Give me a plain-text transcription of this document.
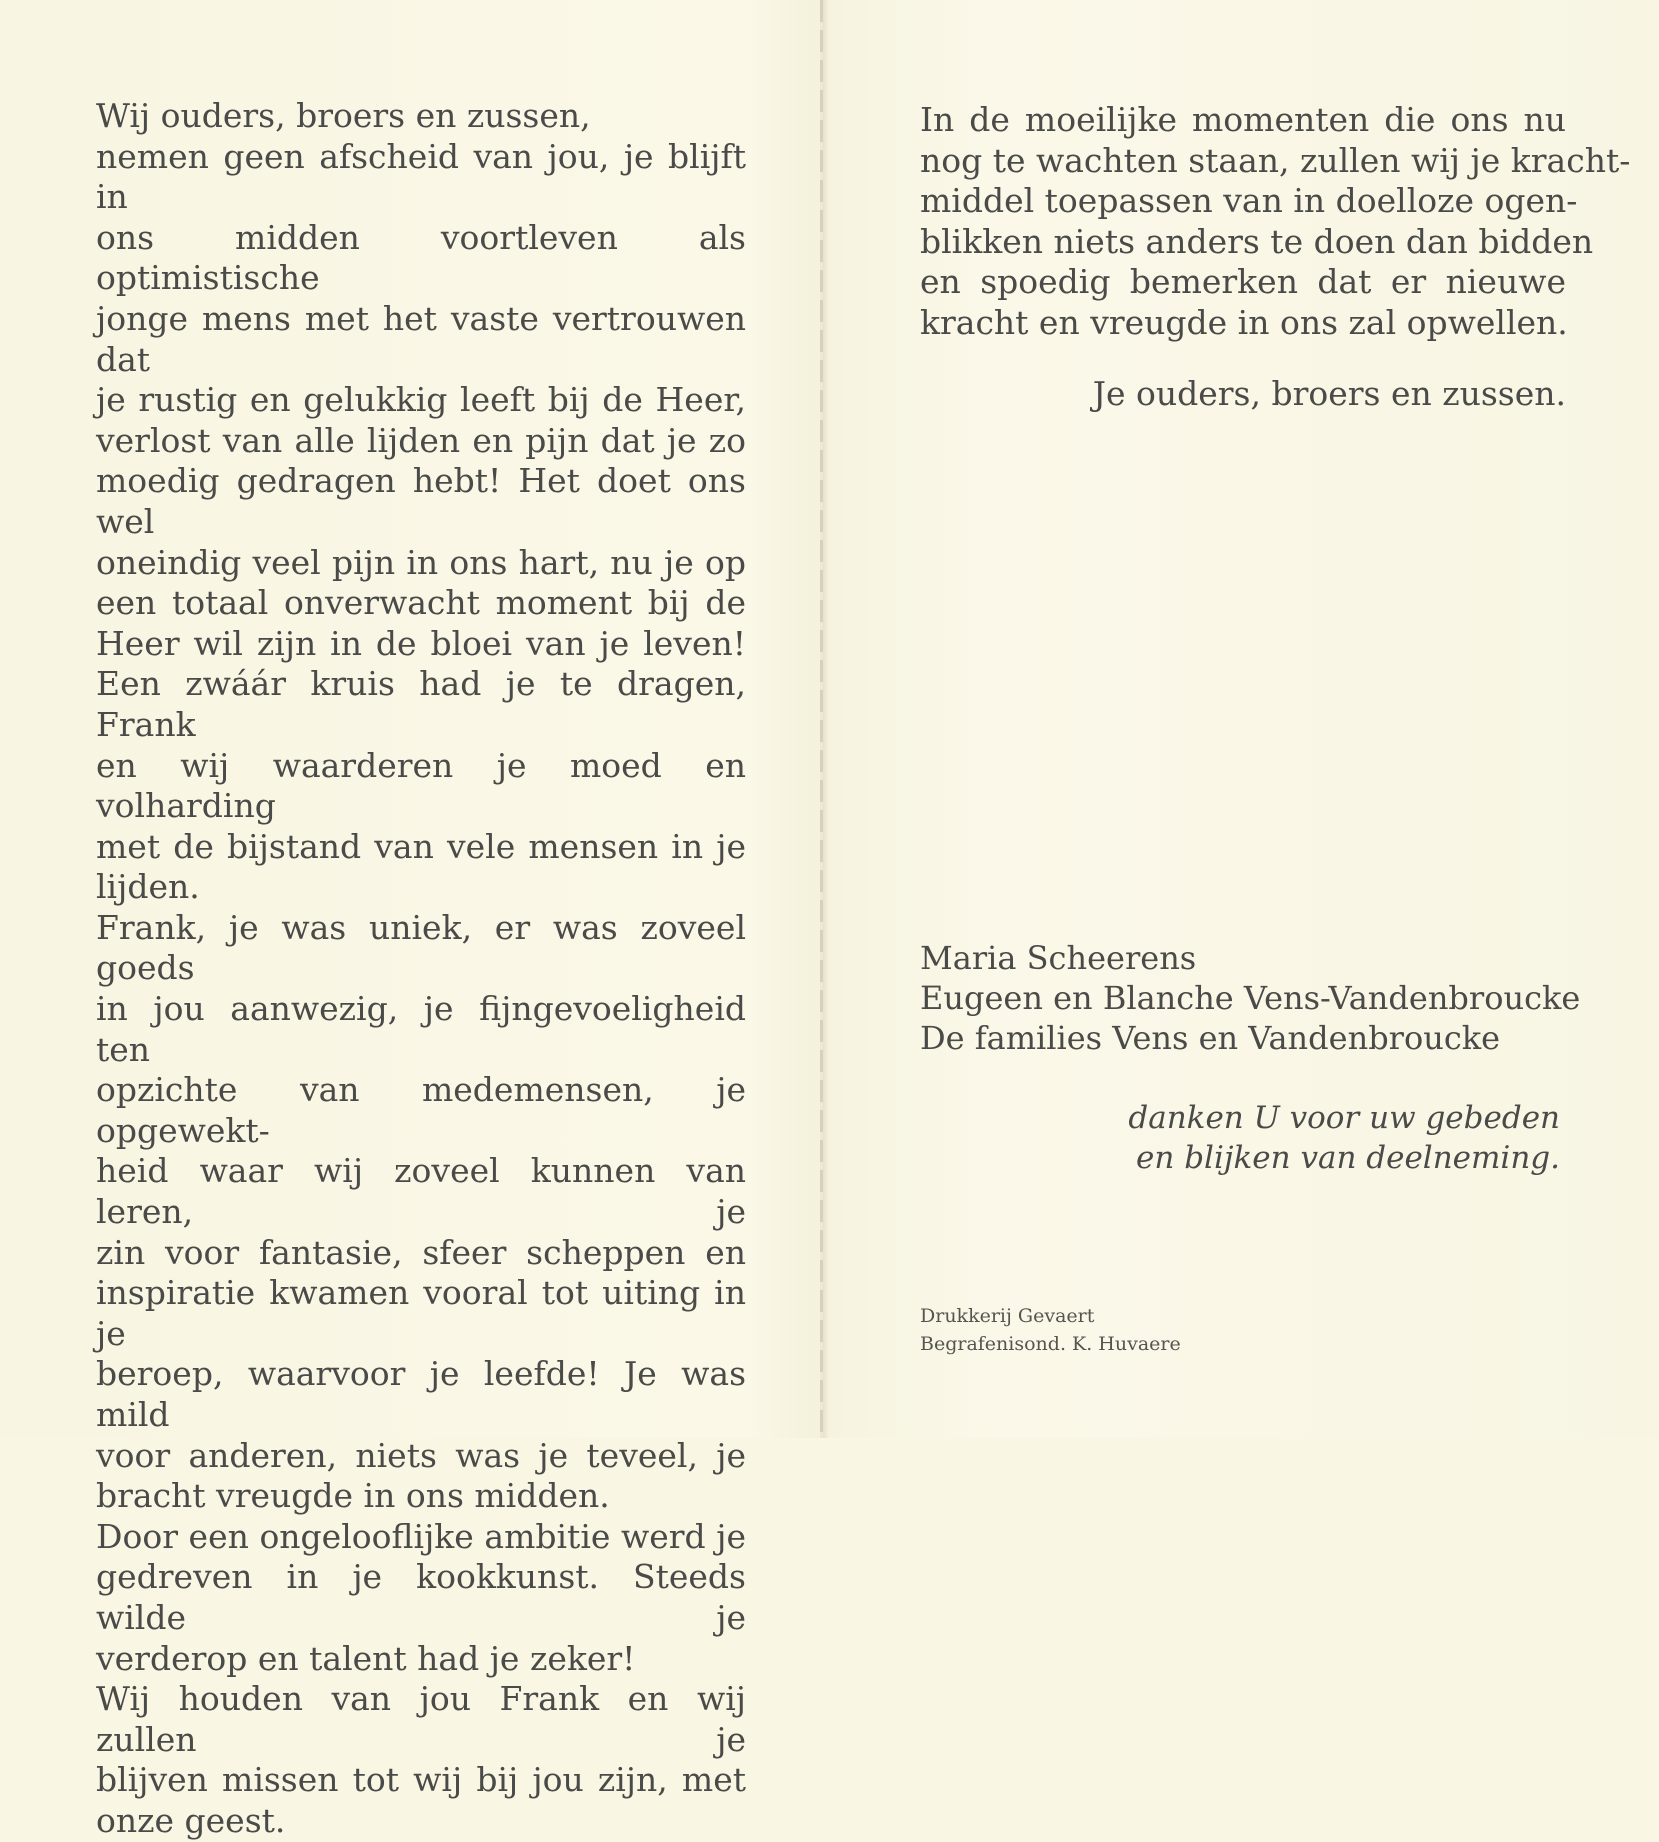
Wij ouders, broers en zussen,
nemen geen afscheid van jou, je blijft in
ons midden voortleven als optimistische
jonge mens met het vaste vertrouwen dat
je rustig en gelukkig leeft bij de Heer,
verlost van alle lijden en pijn dat je zo
moedig gedragen hebt! Het doet ons wel
oneindig veel pijn in ons hart, nu je op
een totaal onverwacht moment bij de
Heer wil zijn in de bloei van je leven!
Een zwáár kruis had je te dragen, Frank
en wij waarderen je moed en volharding
met de bijstand van vele mensen in je
lijden.
Frank, je was uniek, er was zoveel goeds
in jou aanwezig, je fijngevoeligheid ten
opzichte van medemensen, je opgewekt-
heid waar wij zoveel kunnen van leren, je
zin voor fantasie, sfeer scheppen en
inspiratie kwamen vooral tot uiting in je
beroep, waarvoor je leefde! Je was mild
voor anderen, niets was je teveel, je
bracht vreugde in ons midden.
Door een ongelooflijke ambitie werd je
gedreven in je kookkunst. Steeds wilde je
verderop en talent had je zeker!
Wij houden van jou Frank en wij zullen je
blijven missen tot wij bij jou zijn, met
onze geest.
In de moeilijke momenten die ons nu
nog te wachten staan, zullen wij je kracht-
middel toepassen van in doelloze ogen-
blikken niets anders te doen dan bidden
en spoedig bemerken dat er nieuwe
kracht en vreugde in ons zal opwellen.
Je ouders, broers en zussen.
Maria Scheerens
Eugeen en Blanche Vens-Vandenbroucke
De families Vens en Vandenbroucke
danken U voor uw gebeden
en blijken van deelneming.
Drukkerij Gevaert
Begrafenisond. K. Huvaere
